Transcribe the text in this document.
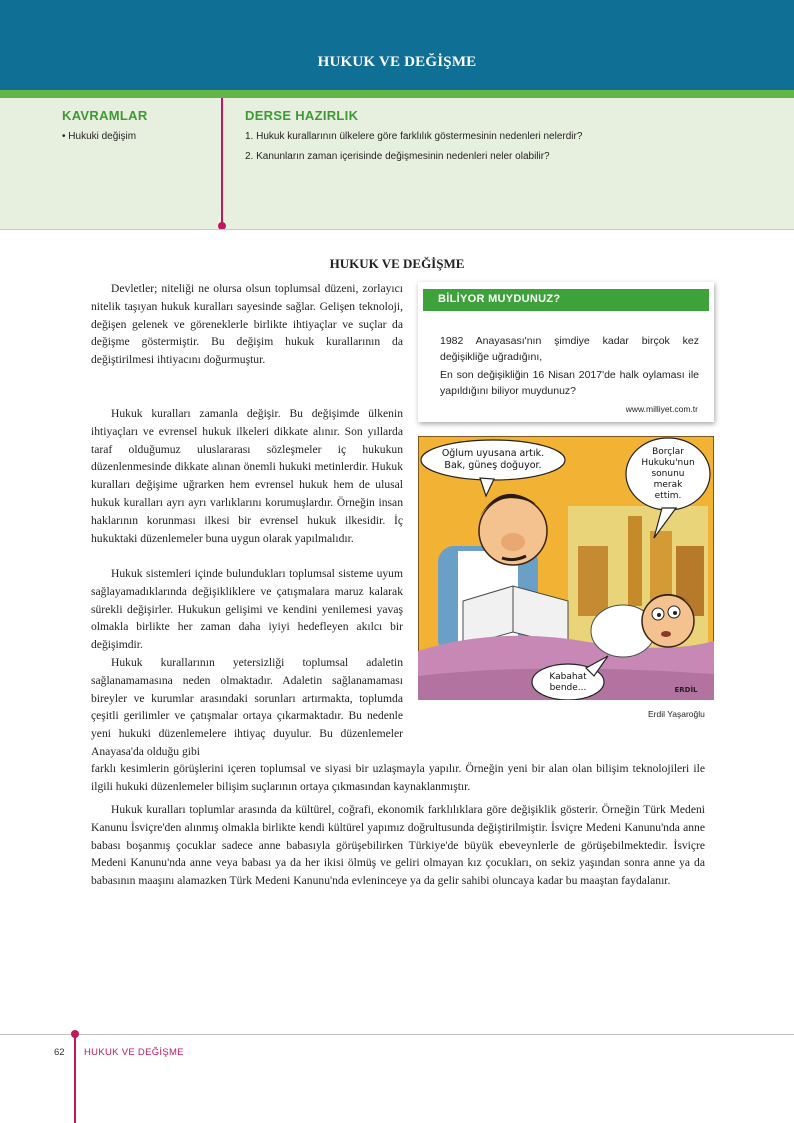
HUKUK VE DEĞİŞME
KAVRAMLAR
• Hukuki değişim
DERSE HAZIRLIK
1. Hukuk kurallarının ülkelere göre farklılık göstermesinin nedenleri nelerdir?
2. Kanunların zaman içerisinde değişmesinin nedenleri neler olabilir?
HUKUK VE DEĞİŞME

Devletler; niteliği ne olursa olsun toplumsal düzeni, zorlayıcı nitelik taşıyan hukuk kuralları sayesinde sağlar. Gelişen teknoloji, değişen gelenek ve göreneklerle birlikte ihtiyaçlar ve suçlar da değişme göstermiştir. Bu değişim hukuk kurallarının da değiştirilmesi ihtiyacını doğurmuştur.

Hukuk kuralları zamanla değişir. Bu değişimde ülkenin ihtiyaçları ve evrensel hukuk ilkeleri dikkate alınır. Son yıllarda taraf olduğumuz uluslararası sözleşmeler iç hukukun düzenlenmesinde dikkate alınan önemli hukuki metinlerdir. Hukuk kuralları değişime uğrarken hem evrensel hukuk hem de ulusal hukuk kuralları ayrı ayrı varlıklarını korumuşlardır. Örneğin insan haklarının korunması ilkesi bir evrensel hukuk ilkesidir. İç hukuktaki düzenlemeler buna uygun olarak yapılmalıdır.

Hukuk sistemleri içinde bulundukları toplumsal sisteme uyum sağlayamadıklarında değişikliklere ve çatışmalara maruz kalarak sürekli değişirler. Hukukun gelişimi ve kendini yenilemesi yavaş olmakla birlikte her zaman daha iyiyi hedefleyen akılcı bir değişimdir.

Hukuk kurallarının yetersizliği toplumsal adaletin sağlanamamasına neden olmaktadır. Adaletin sağlanamaması bireyler ve kurumlar arasındaki sorunları artırmakta, toplumda çeşitli gerilimler ve çatışmalar ortaya çıkarmaktadır. Bu nedenle yeni hukuki düzenlemelere ihtiyaç duyulur. Bu düzenlemeler Anayasa'da olduğu gibi

farklı kesimlerin görüşlerini içeren toplumsal ve siyasi bir uzlaşmayla yapılır. Örneğin yeni bir alan olan bilişim teknolojileri ile ilgili hukuki düzenlemeler bilişim suçlarının ortaya çıkmasından kaynaklanmıştır.

Hukuk kuralları toplumlar arasında da kültürel, coğrafi, ekonomik farklılıklara göre değişiklik gösterir. Örneğin Türk Medeni Kanunu İsviçre'den alınmış olmakla birlikte kendi kültürel yapımız doğrultusunda değiştirilmiştir. İsviçre Medeni Kanunu'nda anne babası boşanmış çocuklar sadece anne babasıyla görüşebilirken Türkiye'de büyük ebeveynlerle de görüşebilmektedir. İsviçre Medeni Kanunu'nda anne veya babası ya da her ikisi ölmüş ve geliri olmayan kız çocukları, on sekiz yaşından sonra anne ya da babasının maaşını alamazken Türk Medeni Kanunu'nda evleninceye ya da gelir sahibi oluncaya kadar bu maaştan faydalanır.

BİLİYOR MUYDUNUZ?
1982 Anayasası'nın şimdiye kadar birçok kez değişikliğe uğradığını,
En son değişikliğin 16 Nisan 2017'de halk oylaması ile yapıldığını biliyor muydunuz?
www.milliyet.com.tr
Oğlum uyusana artık.
Bak, güneş doğuyor.
Borçlar
Hukuku'nun
sonunu
merak
ettim.
Kabahat
bende...	ERDİL
Erdil Yaşaroğlu
62 HUKUK VE DEĞİŞME
